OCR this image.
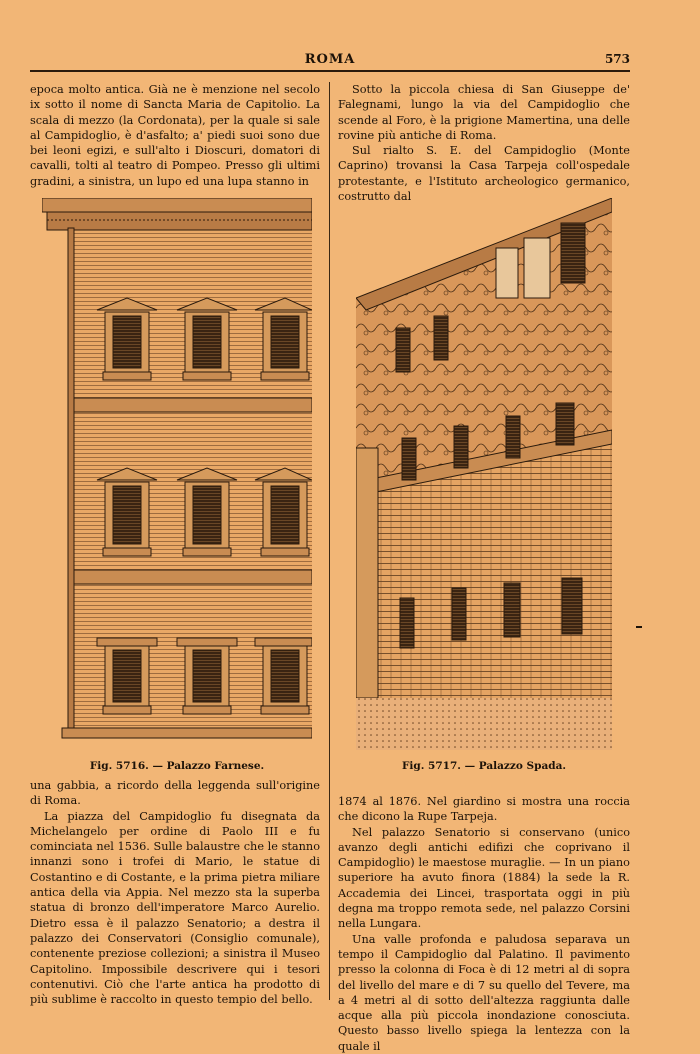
ROMA	573

epoca molto antica. Già ne è menzione nel secolo ix sotto il nome di Sancta Maria de Capitolio. La scala di mezzo (la Cordonata), per la quale si sale al Campidoglio, è d'asfalto; a' piedi suoi sono due bei leoni egizi, e sull'alto i Dioscuri, domatori di cavalli, tolti al teatro di Pompeo. Presso gli ultimi gradini, a sinistra, un lupo ed una lupa stanno in

Sotto la piccola chiesa di San Giuseppe de' Falegnami, lungo la via del Campidoglio che scende al Foro, è la prigione Mamertina, una delle rovine più antiche di Roma.

Sul rialto S. E. del Campidoglio (Monte Caprino) trovansi la Casa Tarpeja coll'ospedale protestante, e l'Istituto archeologico germanico, costrutto dal

Fig. 5716. — Palazzo Farnese.	Fig. 5717. — Palazzo Spada.

una gabbia, a ricordo della leggenda sull'origine di Roma.

La piazza del Campidoglio fu disegnata da Michelangelo per ordine di Paolo III e fu cominciata nel 1536. Sulle balaustre che le stanno innanzi sono i trofei di Mario, le statue di Costantino e di Costante, e la prima pietra miliare antica della via Appia. Nel mezzo sta la superba statua di bronzo dell'imperatore Marco Aurelio. Dietro essa è il palazzo Senatorio; a destra il palazzo dei Conservatori (Consiglio comunale), contenente preziose collezioni; a sinistra il Museo Capitolino. Impossibile descrivere qui i tesori contenutivi. Ciò che l'arte antica ha prodotto di più sublime è raccolto in questo tempio del bello.

1874 al 1876. Nel giardino si mostra una roccia che dicono la Rupe Tarpeja.

Nel palazzo Senatorio si conservano (unico avanzo degli antichi edifizi che coprivano il Campidoglio) le maestose muraglie. — In un piano superiore ha avuto finora (1884) la sede la R. Accademia dei Lincei, trasportata oggi in più degna ma troppo remota sede, nel palazzo Corsini nella Lungara.

Una valle profonda e paludosa separava un tempo il Campidoglio dal Palatino. Il pavimento presso la colonna di Foca è di 12 metri al di sopra del livello del mare e di 7 su quello del Tevere, ma a 4 metri al di sotto dell'altezza raggiunta dalle acque alla più piccola inondazione conosciuta. Questo basso livello spiega la lentezza con la quale il
